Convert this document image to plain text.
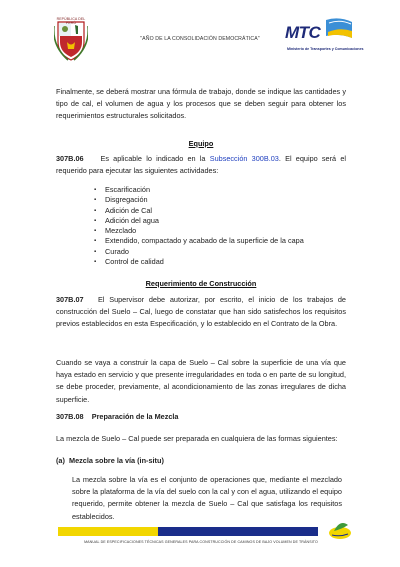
REPÚBLICA DEL PERÚ
"AÑO DE LA CONSOLIDACIÓN DEMOCRÁTICA"	MTC
Ministerio de Transportes y Comunicaciones
Finalmente, se deberá mostrar una fórmula de trabajo, donde se indique las cantidades y tipo de cal, el volumen de agua y los procesos que se deben seguir para obtener los requerimientos estructurales solicitados.
Equipo
307B.06 Es aplicable lo indicado en la Subsección 300B.03. El equipo será el requerido para ejecutar las siguientes actividades:
▪ Escarificación
▪ Disgregación
▪ Adición de Cal
▪ Adición del agua
▪ Mezclado
▪ Extendido, compactado y acabado de la superficie de la capa
▪ Curado
▪ Control de calidad
Requerimiento de Construcción
307B.07 El Supervisor debe autorizar, por escrito, el inicio de los trabajos de construcción del Suelo – Cal, luego de constatar que han sido satisfechos los requisitos previos establecidos en esta Especificación, y lo establecido en el Contrato de la Obra.
Cuando se vaya a construir la capa de Suelo – Cal sobre la superficie de una vía que haya estado en servicio y que presente irregularidades en toda o en parte de su longitud, se debe proceder, previamente, al acondicionamiento de las zonas irregulares de dicha superficie.
307B.08 Preparación de la Mezcla
La mezcla de Suelo – Cal puede ser preparada en cualquiera de las formas siguientes:
(a) Mezcla sobre la vía (in-situ)
La mezcla sobre la vía es el conjunto de operaciones que, mediante el mezclado sobre la plataforma de la vía del suelo con la cal y con el agua, utilizando el equipo requerido, permite obtener la mezcla de Suelo – Cal que satisfaga los requisitos establecidos.
MANUAL DE ESPECIFICACIONES TÉCNICAS GENERALES PARA CONSTRUCCIÓN DE CAMINOS DE BAJO VOLUMEN DE TRÁNSITO
